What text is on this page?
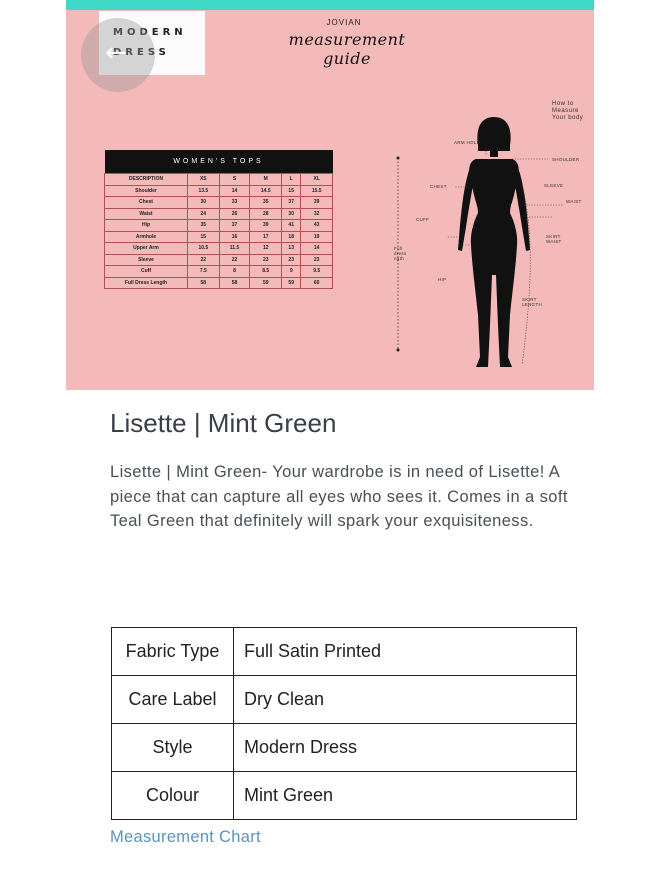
MODERN
DRESS
←
JOVIAN
measurement guide
WOMEN'S TOPS					
DESCRIPTION	XS	S	M	L	XL
Shoulder	13.5	14	14.5	15	15.5
Chest	30	33	35	37	39
Waist	24	26	28	30	32
Hip	35	37	39	41	43
Armhole	15	16	17	18	19
Upper Arm	10.5	11.5	12	13	14
Sleeve	22	22	23	23	23
Cuff	7.5	8	8.5	9	9.5
Full Dress Length	58	58	59	59	60
How to
Measure
Your body
ARM HOLE
SHOULDER
CHEST	SLEEVE
WAIST
CUFF
SKIRT
WAIST
Full
dress
ngth
HIP
SKIRT
LENGTH
Lisette | Mint Green
Lisette | Mint Green- Your wardrobe is in need of Lisette! A piece that can capture all eyes who sees it. Comes in a soft Teal Green that definitely will spark your exquisiteness.
Fabric Type	Full Satin Printed
Care Label	Dry Clean
Style	Modern Dress
Colour	Mint Green
Measurement Chart
